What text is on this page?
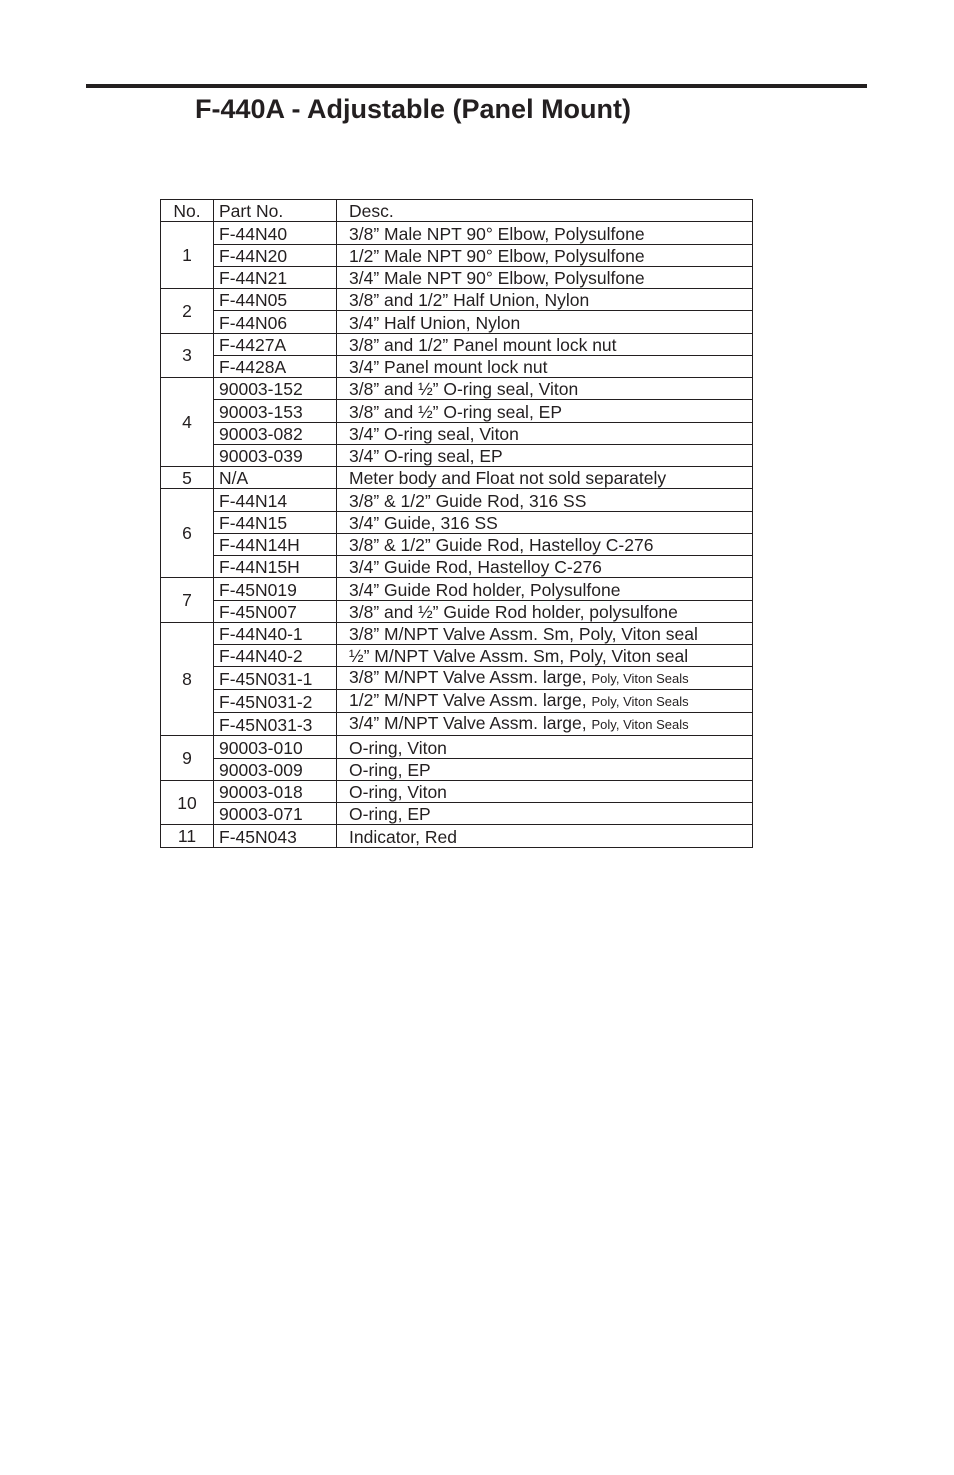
F-440A - Adjustable (Panel Mount)
No.	Part No.	Desc.
1	F-44N40	3/8” Male NPT 90° Elbow, Polysulfone
	F-44N20	1/2” Male NPT 90° Elbow, Polysulfone
	F-44N21	3/4” Male NPT 90° Elbow, Polysulfone
2	F-44N05	3/8” and 1/2” Half Union, Nylon
	F-44N06	3/4” Half Union, Nylon
3	F-4427A	3/8” and 1/2” Panel mount lock nut
	F-4428A	3/4” Panel mount lock nut
4	90003-152	3/8” and ½” O-ring seal, Viton
	90003-153	3/8” and ½” O-ring seal, EP
	90003-082	3/4” O-ring seal, Viton
	90003-039	3/4” O-ring seal, EP
5	N/A	Meter body and Float not sold separately
6	F-44N14	3/8” & 1/2” Guide Rod, 316 SS
	F-44N15	3/4” Guide, 316 SS
	F-44N14H	3/8” & 1/2” Guide Rod, Hastelloy C-276
	F-44N15H	3/4” Guide Rod, Hastelloy C-276
7	F-45N019	3/4” Guide Rod holder, Polysulfone
	F-45N007	3/8” and ½” Guide Rod holder, polysulfone
8	F-44N40-1	3/8” M/NPT Valve Assm. Sm, Poly, Viton seal
	F-44N40-2	½” M/NPT Valve Assm. Sm, Poly, Viton seal
	F-45N031-1	3/8” M/NPT Valve Assm. large, Poly, Viton Seals
	F-45N031-2	1/2” M/NPT Valve Assm. large, Poly, Viton Seals
	F-45N031-3	3/4” M/NPT Valve Assm. large, Poly, Viton Seals
9	90003-010	O-ring, Viton
	90003-009	O-ring, EP
10	90003-018	O-ring, Viton
	90003-071	O-ring, EP
11	F-45N043	Indicator, Red
